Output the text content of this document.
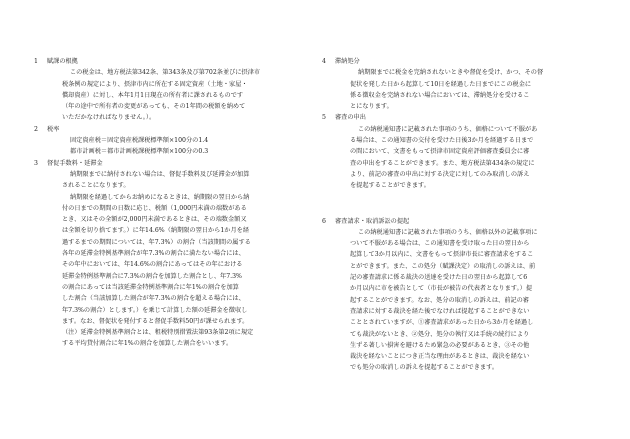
1 賦課の根拠
この税金は、地方税法第342条、第343条及び第702条並びに摂津市
税条例の規定により、摂津市内に所在する固定資産（土地・家屋・
償却資産）に対し、本年1月1日現在の所有者に課されるものです
（年の途中で所有者の変更があっても、その1年間の税額を納めて
いただかなければなりません。）。
2 税率
固定資産税＝固定資産税課税標準額×100分の1.4
都市計画税＝都市計画税課税標準額×100分の0.3
3 督促手数料・延滞金
納期限までに納付されない場合は、督促手数料及び延滞金が加算
されることになります。
納期限を経過してからお納めになるときは、納期限の翌日から納
付の日までの期間の日数に応じ、税額（1,000円未満の端数がある
とき、又はその全額が2,000円未満であるときは、その端数金額又
は全額を切り捨てます。）に年14.6%（納期限の翌日から1か月を経
過するまでの期間については、年7.3%）の割合（当該期間の属する
各年の延滞金特例基準割合が年7.3%の割合に満たない場合には、
その年中においては、年14.6%の割合にあってはその年における
延滞金特例基準割合に7.3%の割合を加算した割合とし、年7.3%
の割合にあっては当該延滞金特例基準割合に年1%の割合を加算
した割合（当該加算した割合が年7.3%の割合を超える場合には、
年7.3%の割合）とします。）を乗じて計算した額の延滞金を徴収し
ます。なお、督促状を発付すると督促手数料50円が課せられます。
（注）延滞金特例基準割合とは、租税特別措置法第93条第2項に規定
する平均貸付割合に年1%の割合を加算した割合をいいます。
4 滞納処分
納期限までに税金を完納されないときや督促を受け、かつ、その督
促状を発した日から起算して10日を経過した日までにこの税金に
係る徴収金を完納されない場合においては、滞納処分を受けるこ
とになります。
5 審査の申出
この納税通知書に記載された事項のうち、価格について不服があ
る場合は、この通知書の交付を受けた日後3か月を経過する日まで
の間において、文書をもって摂津市固定資産評価審査委員会に審
査の申出をすることができます。また、地方税法第434条の規定に
より、前記の審査の申出に対する決定に対してのみ取消しの訴え
を提起することができます。
6 審査請求・取消訴訟の提起
この納税通知書に記載された事項のうち、価格以外の記載事項に
ついて不服がある場合は、この通知書を受け取った日の翌日から
起算して3か月以内に、文書をもって摂津市長に審査請求をするこ
とができます。また、この処分（賦課決定）の取消しの訴えは、前
記の審査請求に係る裁決の送達を受けた日の翌日から起算して6
か月以内に市を被告として（市長が被告の代表者となります。）提
起することができます。なお、処分の取消しの訴えは、前記の審
査請求に対する裁決を経た後でなければ提起することができない
こととされていますが、①審査請求があった日から3か月を経過し
ても裁決がないとき、②処分、処分の執行又は手続の続行により
生ずる著しい損害を避けるため緊急の必要があるとき、③その他
裁決を経ないことにつき正当な理由があるときは、裁決を経ない
でも処分の取消しの訴えを提起することができます。
